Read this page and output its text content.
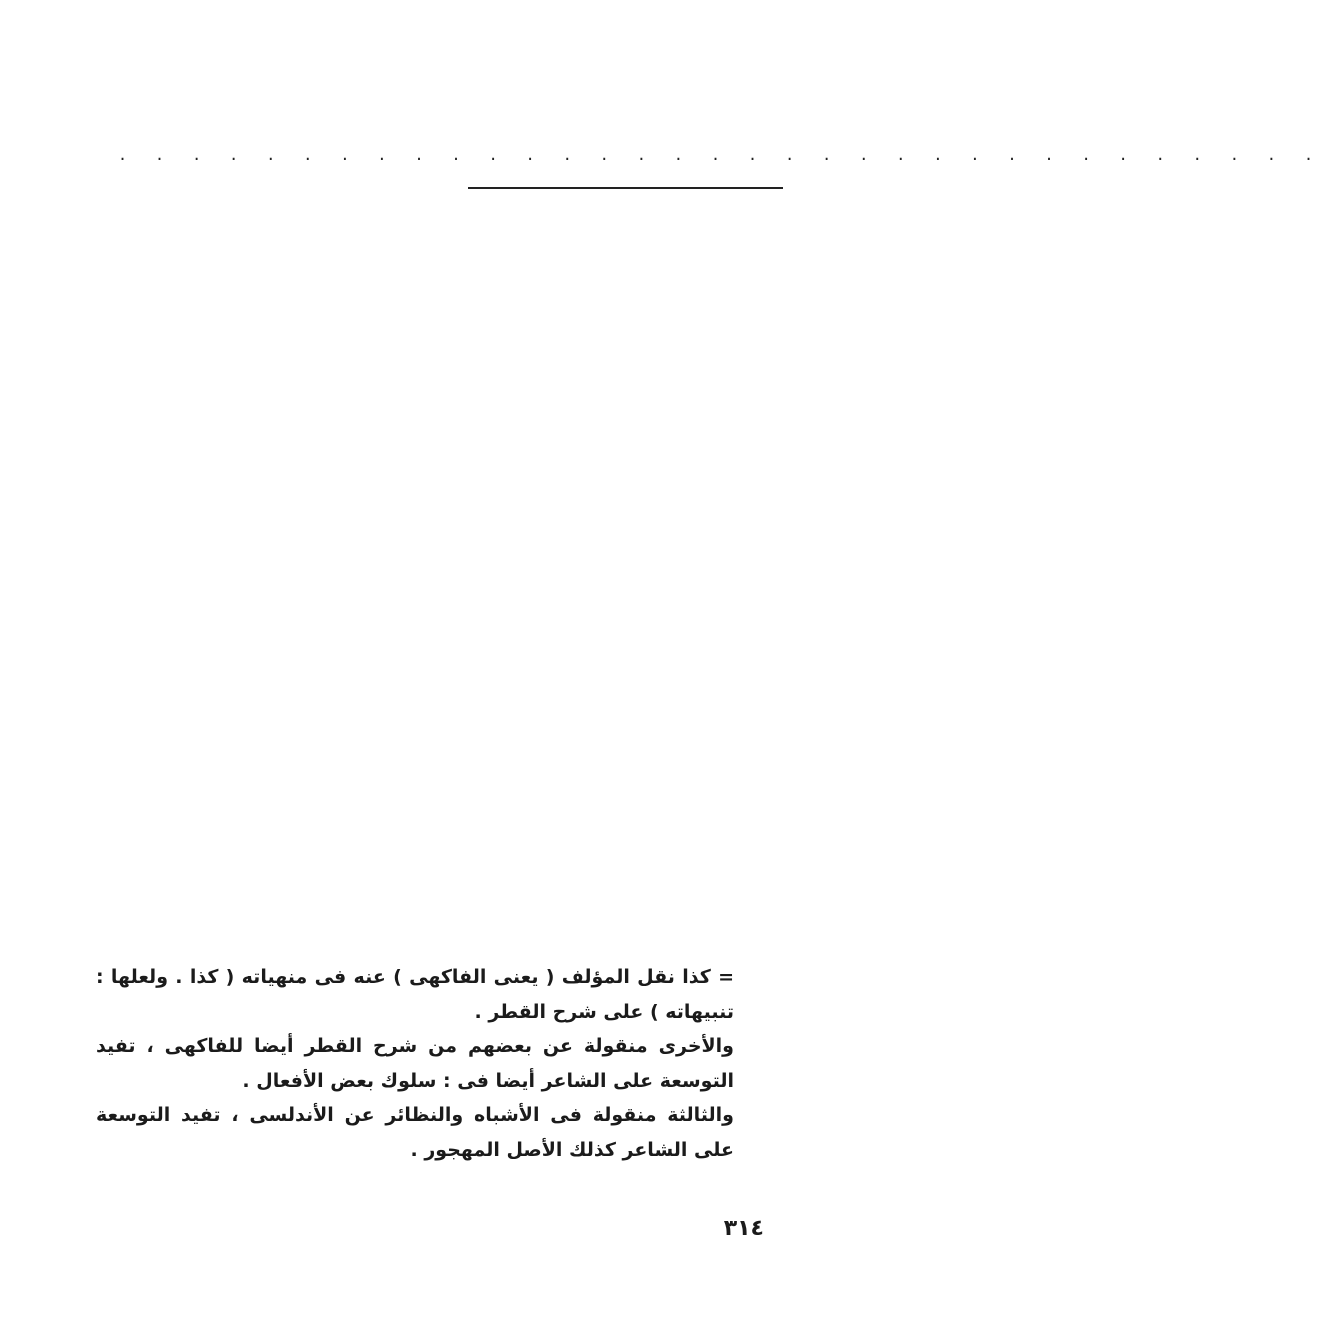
. . . . . . . . . . . . . . . . . . . . . . . . . . . . . . . . .

= كذا نقل المؤلف ( يعنى الفاكهى ) عنه فى منهياته ( كذا . ولعلها : تنبيهاته ) على شرح القطر .

والأخرى منقولة عن بعضهم من شرح القطر أيضا للفاكهى ، تفيد التوسعة على الشاعر أيضا فى : سلوك بعض الأفعال .

والثالثة منقولة فى الأشباه والنظائر عن الأندلسى ، تفيد التوسعة على الشاعر كذلك الأصل المهجور .

٣١٤
